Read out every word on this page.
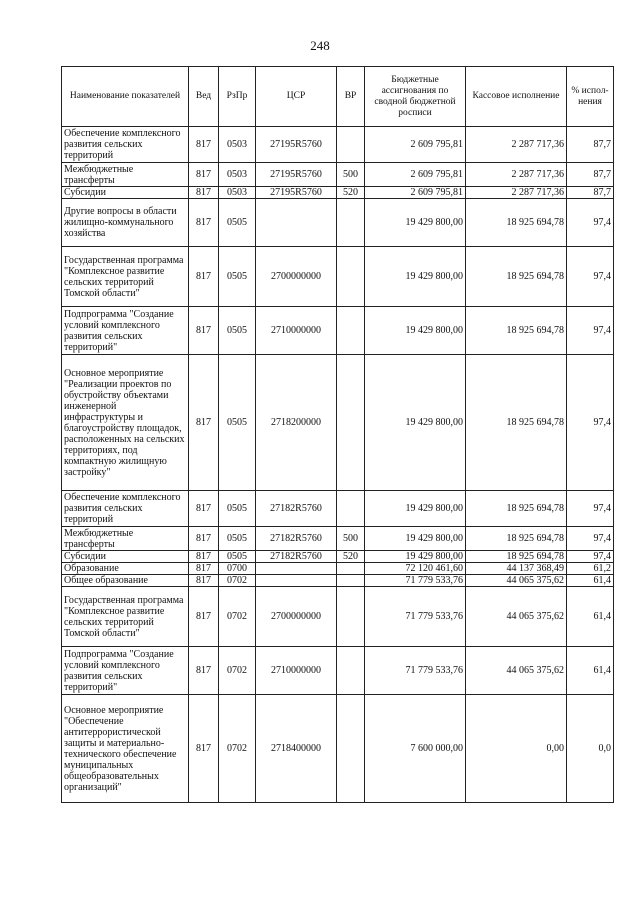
248
Наименование показателей	Вед	РзПр	ЦСР	ВР	Бюджетные ассигнования по сводной бюджетной росписи	Кассовое исполнение	% испол-нения
Обеспечение комплексного развития сельских территорий	817	0503	27195R5760		2 609 795,81	2 287 717,36	87,7
Межбюджетные трансферты	817	0503	27195R5760	500	2 609 795,81	2 287 717,36	87,7
Субсидии	817	0503	27195R5760	520	2 609 795,81	2 287 717,36	87,7
Другие вопросы в области жилищно-коммунального хозяйства	817	0505			19 429 800,00	18 925 694,78	97,4
Государственная программа "Комплексное развитие сельских территорий Томской области"	817	0505	2700000000		19 429 800,00	18 925 694,78	97,4
Подпрограмма "Создание условий комплексного развития сельских территорий"	817	0505	2710000000		19 429 800,00	18 925 694,78	97,4
Основное мероприятие "Реализации проектов по обустройству объектами инженерной инфраструктуры и благоустройству площадок, расположенных на сельских территориях, под компактную жилищную застройку"	817	0505	2718200000		19 429 800,00	18 925 694,78	97,4
Обеспечение комплексного развития сельских территорий	817	0505	27182R5760		19 429 800,00	18 925 694,78	97,4
Межбюджетные трансферты	817	0505	27182R5760	500	19 429 800,00	18 925 694,78	97,4
Субсидии	817	0505	27182R5760	520	19 429 800,00	18 925 694,78	97,4
Образование	817	0700			72 120 461,60	44 137 368,49	61,2
Общее образование	817	0702			71 779 533,76	44 065 375,62	61,4
Государственная программа "Комплексное развитие сельских территорий Томской области"	817	0702	2700000000		71 779 533,76	44 065 375,62	61,4
Подпрограмма "Создание условий комплексного развития сельских территорий"	817	0702	2710000000		71 779 533,76	44 065 375,62	61,4
Основное мероприятие "Обеспечение антитеррористической защиты и материально-технического обеспечение муниципальных общеобразовательных организаций"	817	0702	2718400000		7 600 000,00	0,00	0,0
